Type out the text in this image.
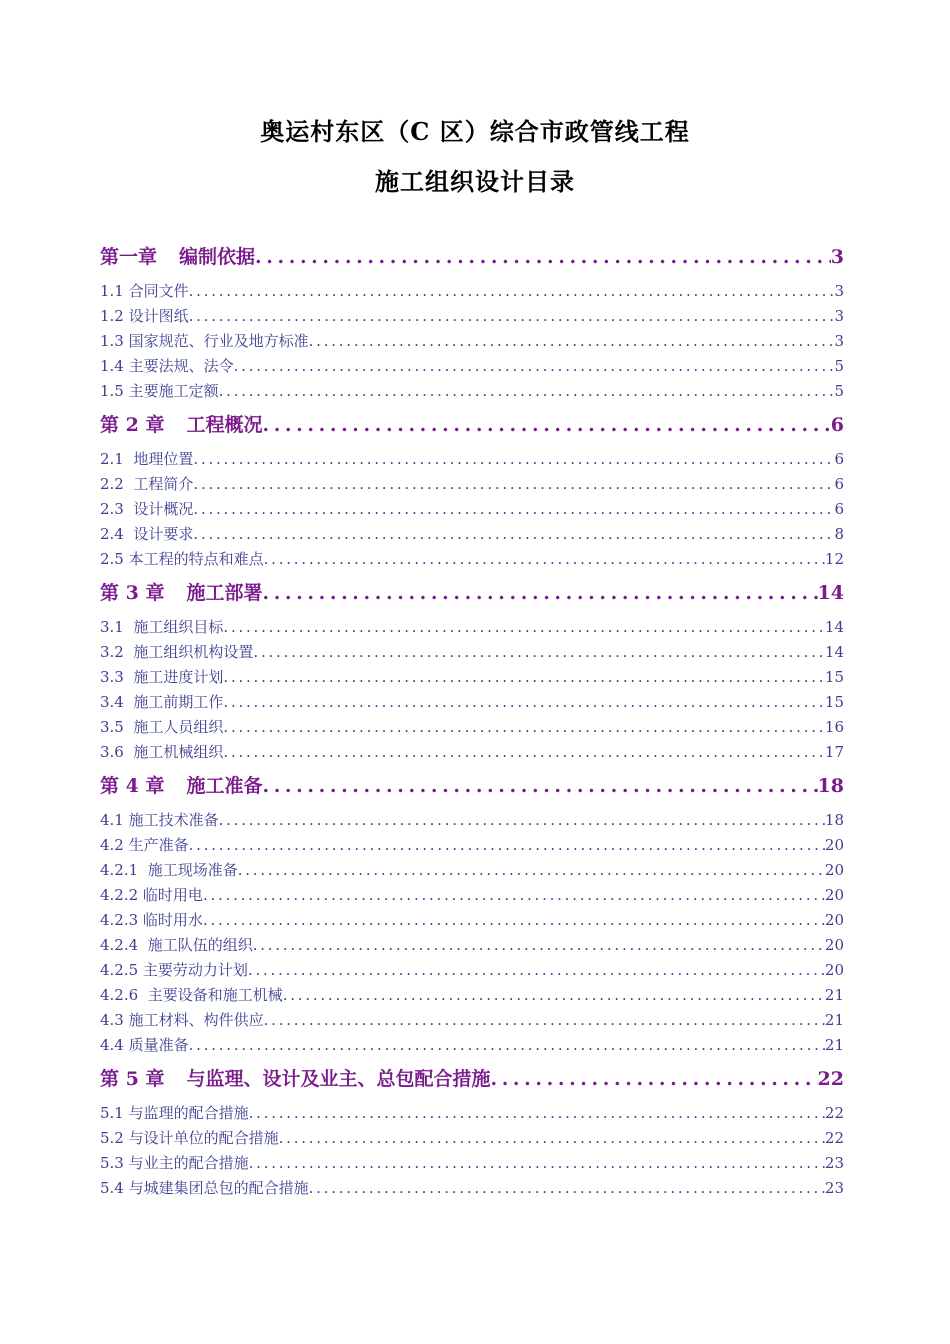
奥运村东区（C 区）综合市政管线工程
施工组织设计目录
第一章 编制依据 . . .	3
1.1 合同文件 . . .	3
1.2 设计图纸 . . .	3
1.3 国家规范、行业及地方标准 . . .	3
1.4 主要法规、法令 . . .	5
1.5 主要施工定额 . . .	5
第 2 章 工程概况 . . .	6
2.1  地理位置 . . .	6
2.2  工程简介 . . .	6
2.3  设计概况 . . .	6
2.4  设计要求 . . .	8
2.5 本工程的特点和难点 . . .	12
第 3 章 施工部署 . . .	14
3.1  施工组织目标 . . .	14
3.2  施工组织机构设置 . . .	14
3.3  施工进度计划 . . .	15
3.4  施工前期工作 . . .	15
3.5  施工人员组织 . . .	16
3.6  施工机械组织 . . .	17
第 4 章 施工准备 . . .	18
4.1 施工技术准备 . . .	18
4.2 生产准备 . . .	20
4.2.1  施工现场准备 . . .	20
4.2.2 临时用电 . . .	20
4.2.3 临时用水 . . .	20
4.2.4  施工队伍的组织 . . .	20
4.2.5 主要劳动力计划 . . .	20
4.2.6  主要设备和施工机械 . . .	21
4.3 施工材料、构件供应 . . .	21
4.4 质量准备 . . .	21
第 5 章 与监理、设计及业主、总包配合措施 . . .	22
5.1 与监理的配合措施 . . .	22
5.2 与设计单位的配合措施 . . .	22
5.3 与业主的配合措施 . . .	23
5.4 与城建集团总包的配合措施 . . .	23
